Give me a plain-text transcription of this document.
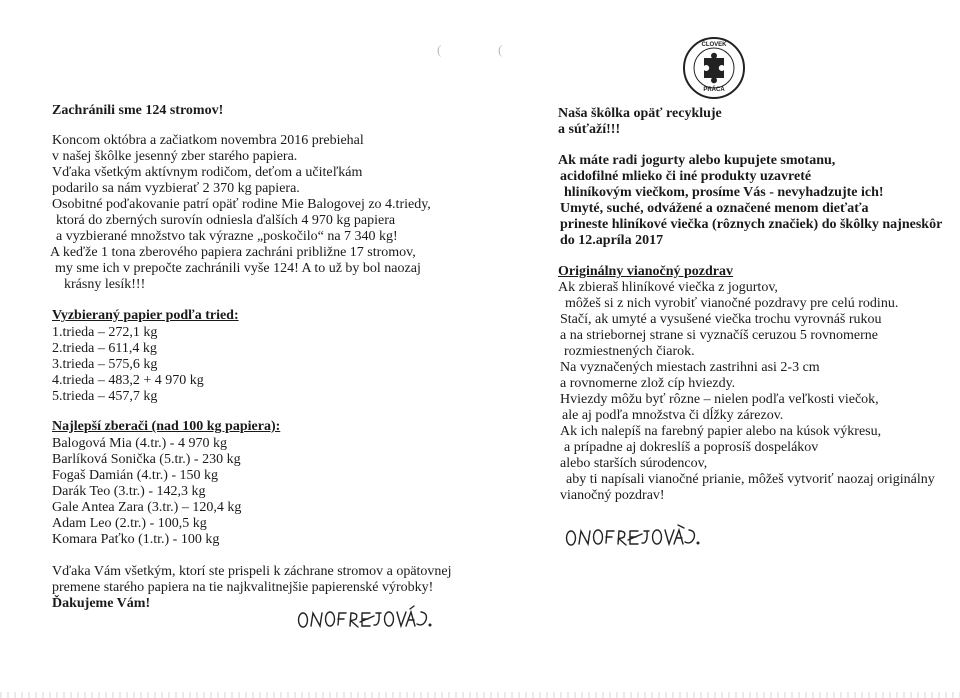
(	(
Zachránili sme 124 stromov!
Koncom októbra a začiatkom novembra 2016 prebiehal
v našej škôlke jesenný zber starého papiera.
Vďaka všetkým aktívnym rodičom, deťom a učiteľkám
podarilo sa nám vyzbierať 2 370 kg papiera.
Osobitné poďakovanie patrí opäť rodine Mie Balogovej zo 4.triedy,
ktorá do zberných surovín odniesla ďalších 4 970 kg papiera
a vyzbierané množstvo tak výrazne „poskočilo“ na 7 340 kg!
A keďže 1 tona zberového papiera zachráni približne 17 stromov,
my sme ich v prepočte zachránili vyše 124! A to už by bol naozaj
krásny lesík!!!
Vyzbieraný papier podľa tried:
1.trieda – 272,1 kg
2.trieda – 611,4 kg
3.trieda – 575,6 kg
4.trieda – 483,2 + 4 970 kg
5.trieda – 457,7 kg
Najlepší zberači (nad 100 kg papiera):
Balogová Mia (4.tr.) - 4 970 kg
Barlíková Sonička (5.tr.) - 230 kg
Fogaš Damián (4.tr.) - 150 kg
Darák Teo (3.tr.) - 142,3 kg
Gale Antea Zara (3.tr.) – 120,4 kg
Adam Leo (2.tr.) - 100,5 kg
Komara Paťko (1.tr.) - 100 kg
Vďaka Vám všetkým, ktorí ste prispeli k záchrane stromov a opätovnej
premene starého papiera na tie najkvalitnejšie papierenské výrobky!
Ďakujeme Vám!
ČLOVEK
PRÁCA
Naša škôlka opäť recykluje
a súťaží!!!
Ak máte radi jogurty alebo kupujete smotanu,
acidofilné mlieko či iné produkty uzavreté
hliníkovým viečkom, prosíme Vás - nevyhadzujte ich!
Umyté, suché, odvážené a označené menom dieťaťa
prineste hliníkové viečka (rôznych značiek) do škôlky najneskôr
do 12.apríla 2017
Originálny vianočný pozdrav
Ak zbieraš hliníkové viečka z jogurtov,
môžeš si z nich vyrobiť vianočné pozdravy pre celú rodinu.
Stačí, ak umyté a vysušené viečka trochu vyrovnáš rukou
a na striebornej strane si vyznačíš ceruzou 5 rovnomerne
rozmiestnených čiarok.
Na vyznačených miestach zastrihni asi 2-3 cm
a rovnomerne zlož cíp hviezdy.
Hviezdy môžu byť rôzne – nielen podľa veľkosti viečok,
ale aj podľa množstva či dĺžky zárezov.
Ak ich nalepíš na farebný papier alebo na kúsok výkresu,
a prípadne aj dokreslíš a poprosíš dospelákov
alebo starších súrodencov,
aby ti napísali vianočné prianie, môžeš vytvoriť naozaj originálny
vianočný pozdrav!
